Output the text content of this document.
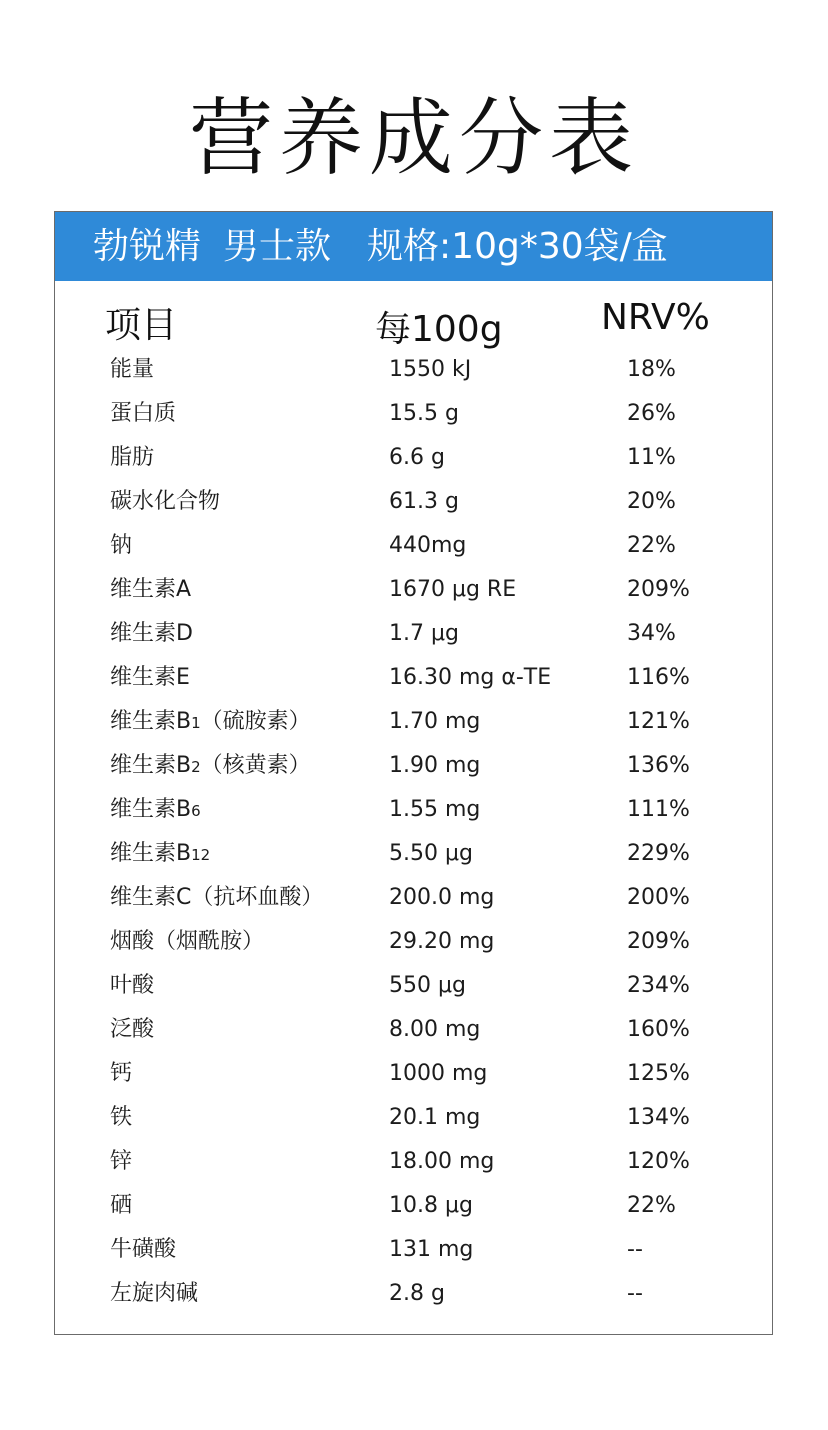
营养成分表
勃锐精 男士款 规格:10g*30袋/盒
项目	每100g	NRV%
能量	1550 kJ	18%
蛋白质	15.5 g	26%
脂肪	6.6 g	11%
碳水化合物	61.3 g	20%
钠	440mg	22%
维生素A	1670 μg RE	209%
维生素D	1.7 μg	34%
维生素E	16.30 mg α-TE	116%
维生素B1（硫胺素）	1.70 mg	121%
维生素B2（核黄素）	1.90 mg	136%
维生素B6	1.55 mg	111%
维生素B12	5.50 μg	229%
维生素C（抗坏血酸）	200.0 mg	200%
烟酸（烟酰胺）	29.20 mg	209%
叶酸	550 μg	234%
泛酸	8.00 mg	160%
钙	1000 mg	125%
铁	20.1 mg	134%
锌	18.00 mg	120%
硒	10.8 μg	22%
牛磺酸	131 mg	--
左旋肉碱	2.8 g	--
